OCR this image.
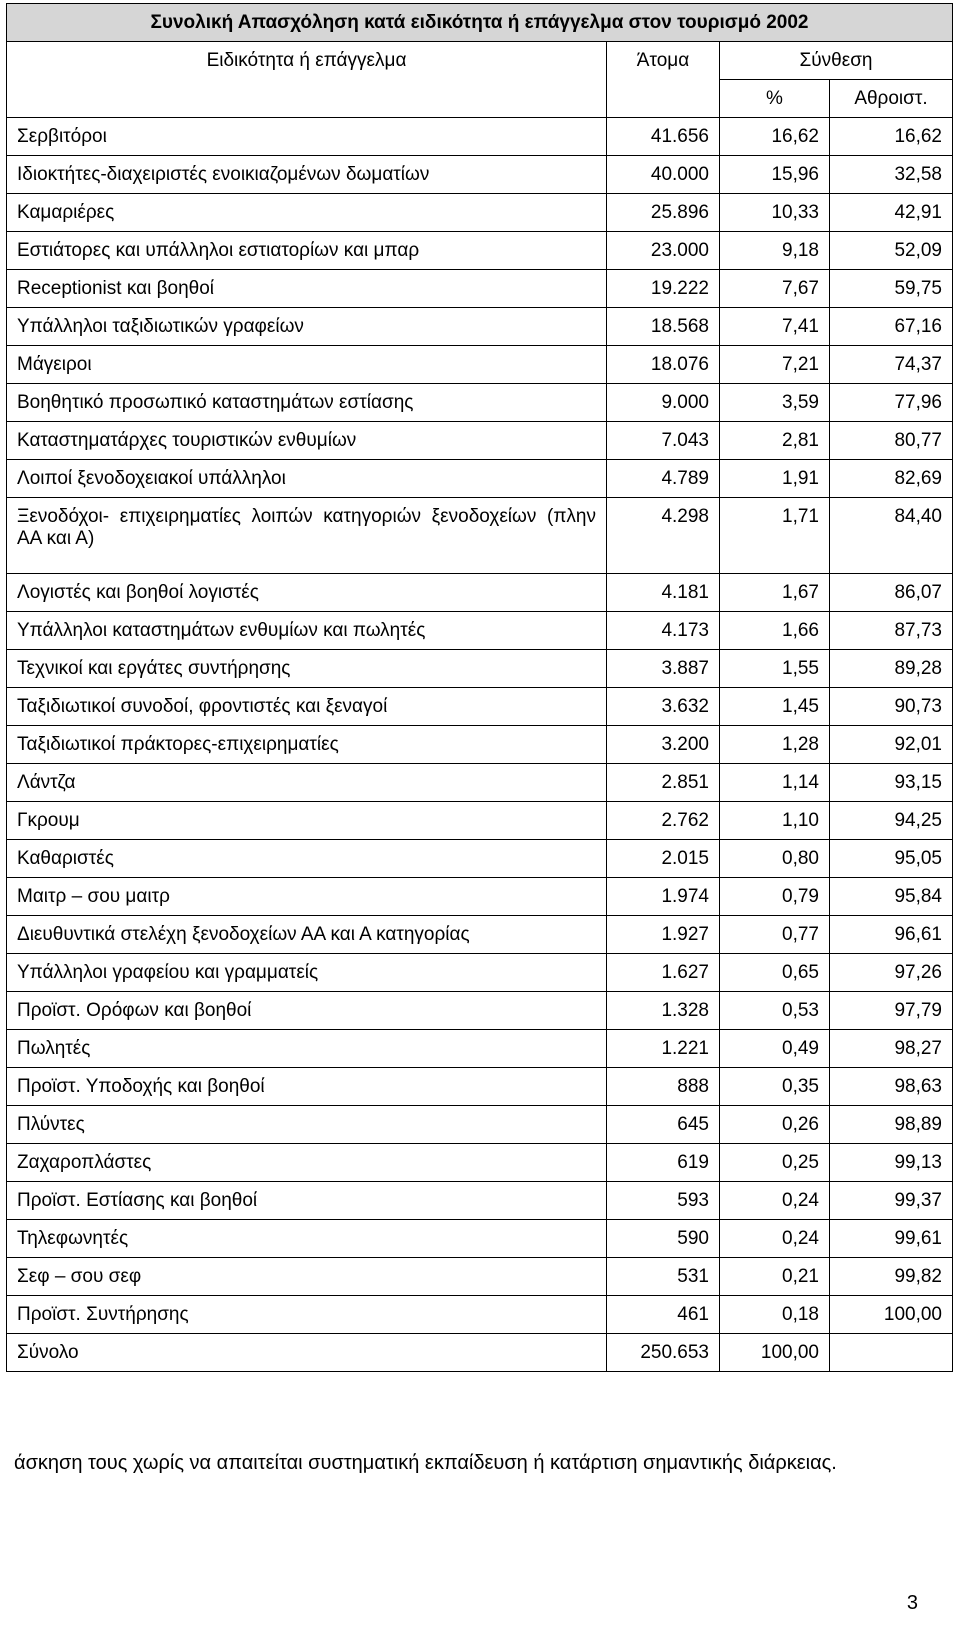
Συνολική Απασχόληση κατά ειδικότητα ή επάγγελμα στον τουρισμό 2002			
Ειδικότητα ή επάγγελμα	Άτομα	Σύνθεση	
		%	Αθροιστ.
Σερβιτόροι	41.656	16,62	16,62
Ιδιοκτήτες-διαχειριστές ενοικιαζομένων δωματίων	40.000	15,96	32,58
Καμαριέρες	25.896	10,33	42,91
Εστιάτορες και υπάλληλοι εστιατορίων και μπαρ	23.000	9,18	52,09
Receptionist και βοηθοί	19.222	7,67	59,75
Υπάλληλοι ταξιδιωτικών γραφείων	18.568	7,41	67,16
Μάγειροι	18.076	7,21	74,37
Βοηθητικό προσωπικό καταστημάτων εστίασης	9.000	3,59	77,96
Καταστηματάρχες τουριστικών ενθυμίων	7.043	2,81	80,77
Λοιποί ξενοδοχειακοί υπάλληλοι	4.789	1,91	82,69
Ξενοδόχοι- επιχειρηματίες λοιπών κατηγοριών ξενοδοχείων (πλην ΑΑ και Α)	4.298	1,71	84,40
Λογιστές και βοηθοί λογιστές	4.181	1,67	86,07
Υπάλληλοι καταστημάτων ενθυμίων και πωλητές	4.173	1,66	87,73
Τεχνικοί και εργάτες συντήρησης	3.887	1,55	89,28
Ταξιδιωτικοί συνοδοί, φροντιστές και ξεναγοί	3.632	1,45	90,73
Ταξιδιωτικοί πράκτορες-επιχειρηματίες	3.200	1,28	92,01
Λάντζα	2.851	1,14	93,15
Γκρουμ	2.762	1,10	94,25
Καθαριστές	2.015	0,80	95,05
Μαιτρ – σου μαιτρ	1.974	0,79	95,84
Διευθυντικά στελέχη ξενοδοχείων ΑΑ και Α κατηγορίας	1.927	0,77	96,61
Υπάλληλοι γραφείου και γραμματείς	1.627	0,65	97,26
Προϊστ. Ορόφων και βοηθοί	1.328	0,53	97,79
Πωλητές	1.221	0,49	98,27
Προϊστ. Υποδοχής και βοηθοί	888	0,35	98,63
Πλύντες	645	0,26	98,89
Ζαχαροπλάστες	619	0,25	99,13
Προϊστ. Εστίασης και βοηθοί	593	0,24	99,37
Τηλεφωνητές	590	0,24	99,61
Σεφ – σου σεφ	531	0,21	99,82
Προϊστ. Συντήρησης	461	0,18	100,00
Σύνολο	250.653	100,00	
άσκηση τους χωρίς να απαιτείται συστηματική εκπαίδευση ή κατάρτιση σημαντικής διάρκειας.
3
